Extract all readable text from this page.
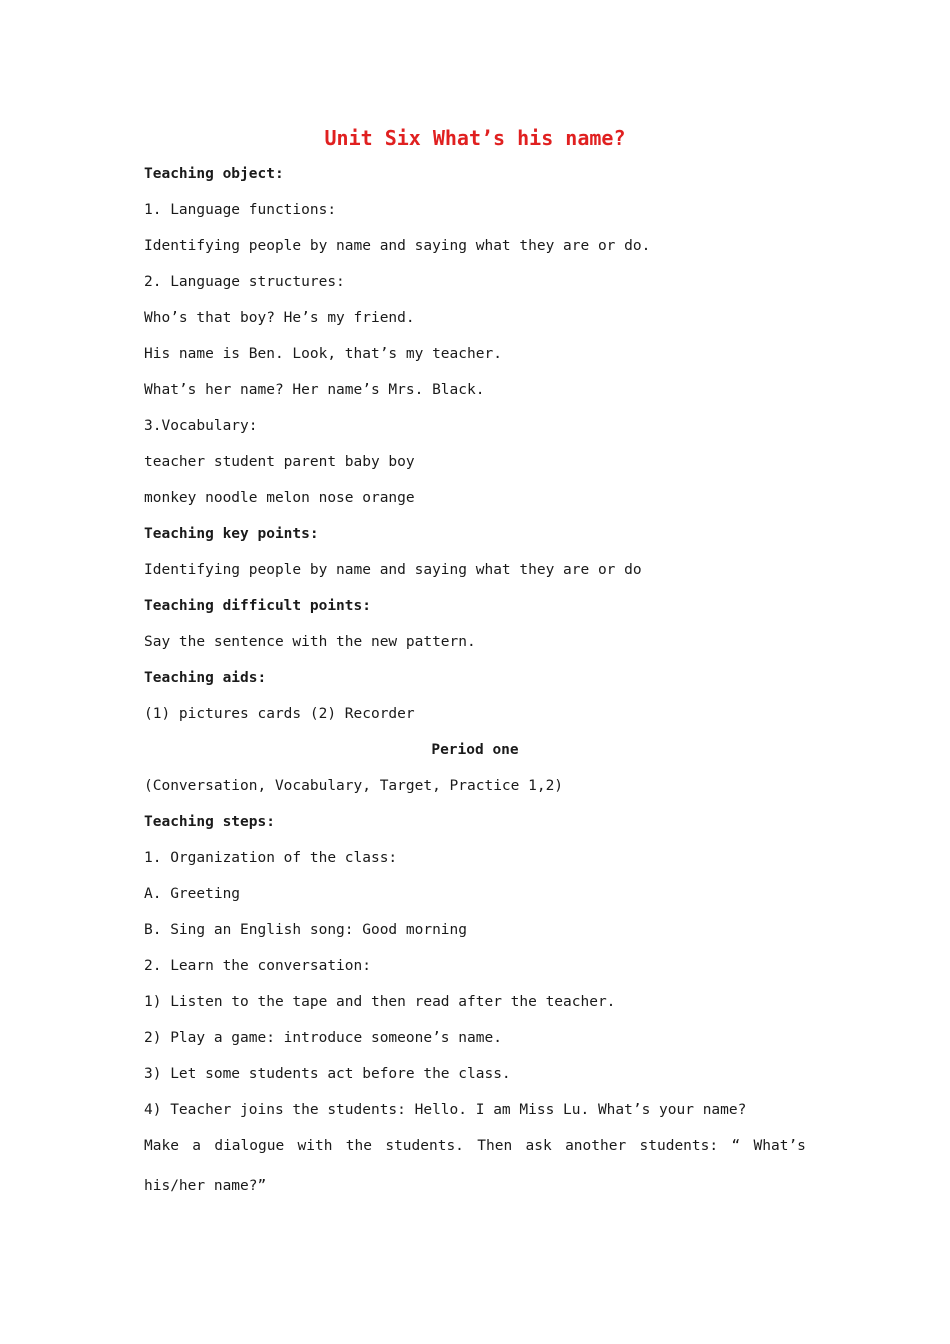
Unit Six What’s his name?
Teaching object:
1. Language functions:
Identifying people by name and saying what they are or do.
2. Language structures:
Who’s that boy? He’s my friend.
His name is Ben. Look, that’s my teacher.
What’s her name? Her name’s Mrs. Black.
3.Vocabulary:
teacher student parent baby boy
monkey noodle melon nose orange
Teaching key points:
Identifying people by name and saying what they are or do
Teaching difficult points:
Say the sentence with the new pattern.
Teaching aids:
(1) pictures cards (2) Recorder
Period one
(Conversation, Vocabulary, Target, Practice 1,2)
Teaching steps:
1. Organization of the class:
A. Greeting
B. Sing an English song: Good morning
2. Learn the conversation:
1) Listen to the tape and then read after the teacher.
2) Play a game: introduce someone’s name.
3) Let some students act before the class.
4) Teacher joins the students: Hello. I am Miss Lu. What’s your name?
Make a dialogue with the students. Then ask another students: “ What’s
his/her name?”
